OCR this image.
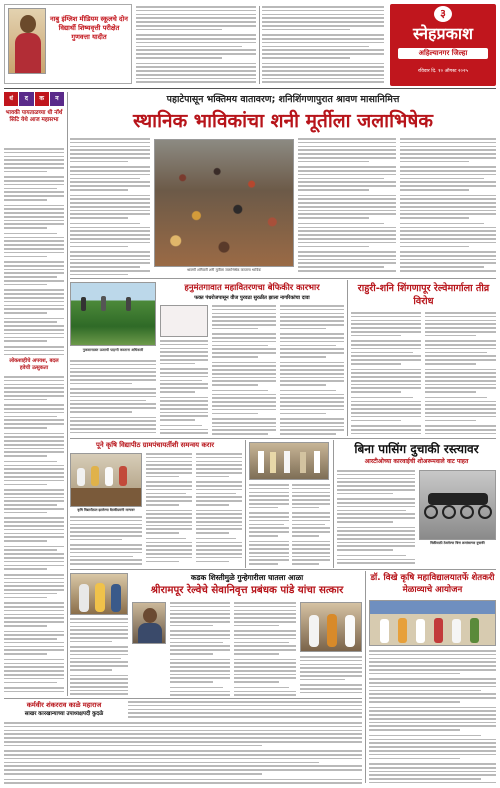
नाबु इंग्लिश मीडियम स्कूलचे दोन विद्यार्थी शिष्यवृत्ती परीक्षेत गुणवत्ता यादीत
३
स्नेहप्रकाश
अहिल्यानगर जिल्हा
रविवार दि. १० ऑगस्ट २०२५
धं	द	क	न
भावकी पायताळच्या धी नॉर्थ सिटि येथे आज महासभा
लोकशाहीचे अपयश, बदल हवेची उत्सुकता
पहाटेपासून भक्तिमय वातावरण; शनिशिंगणापुरात श्रावण मासानिमित्त
स्थानिक भाविकांचा शनी मूर्तीला जलाभिषेक
श्रावणी शनिवारी शनी मूर्तीला जलाभिषेक करताना भाविक
नुकसानग्रस्त ऊसाची पाहणी करताना अधिकारी
हनुमंतगावात महावितरणचा बेफिकीर कारभार
फक्त पंधरोजपासून वीज पुरवठा सुरळीत झाला नागरिकांचा दावा
राहुरी-शनि शिंगणापूर रेल्वेमार्गाला तीव्र विरोध
पूने कृषि विद्यापीठ ग्रामपंचायतींशी समन्वय करार
कृषि विद्यापीठात झालेल्या बैठकीप्रसंगी मान्यवर
बिना पासिंग दुचाकी रस्त्यावर
आरटीओच्या कारवाईची शोअरूमवाले वाट पाहत
विक्रीसाठी ठेवलेल्या बिना क्रमांकाच्या दुचाकी
कडक शिस्तीमुळे गुन्हेगारीला घातला आळा
श्रीरामपूर रेल्वेचे सेवानिवृत्त प्रबंधक पांडे यांचा सत्कार
डॉ. विखे कृषि महाविद्यालयातर्फे शेतकरी मेळाव्याचे आयोजन
कर्मवीर शंकरराव काळे महाराज
साखर कारखान्याच्या उपाध्यक्षपदी कुदळे
